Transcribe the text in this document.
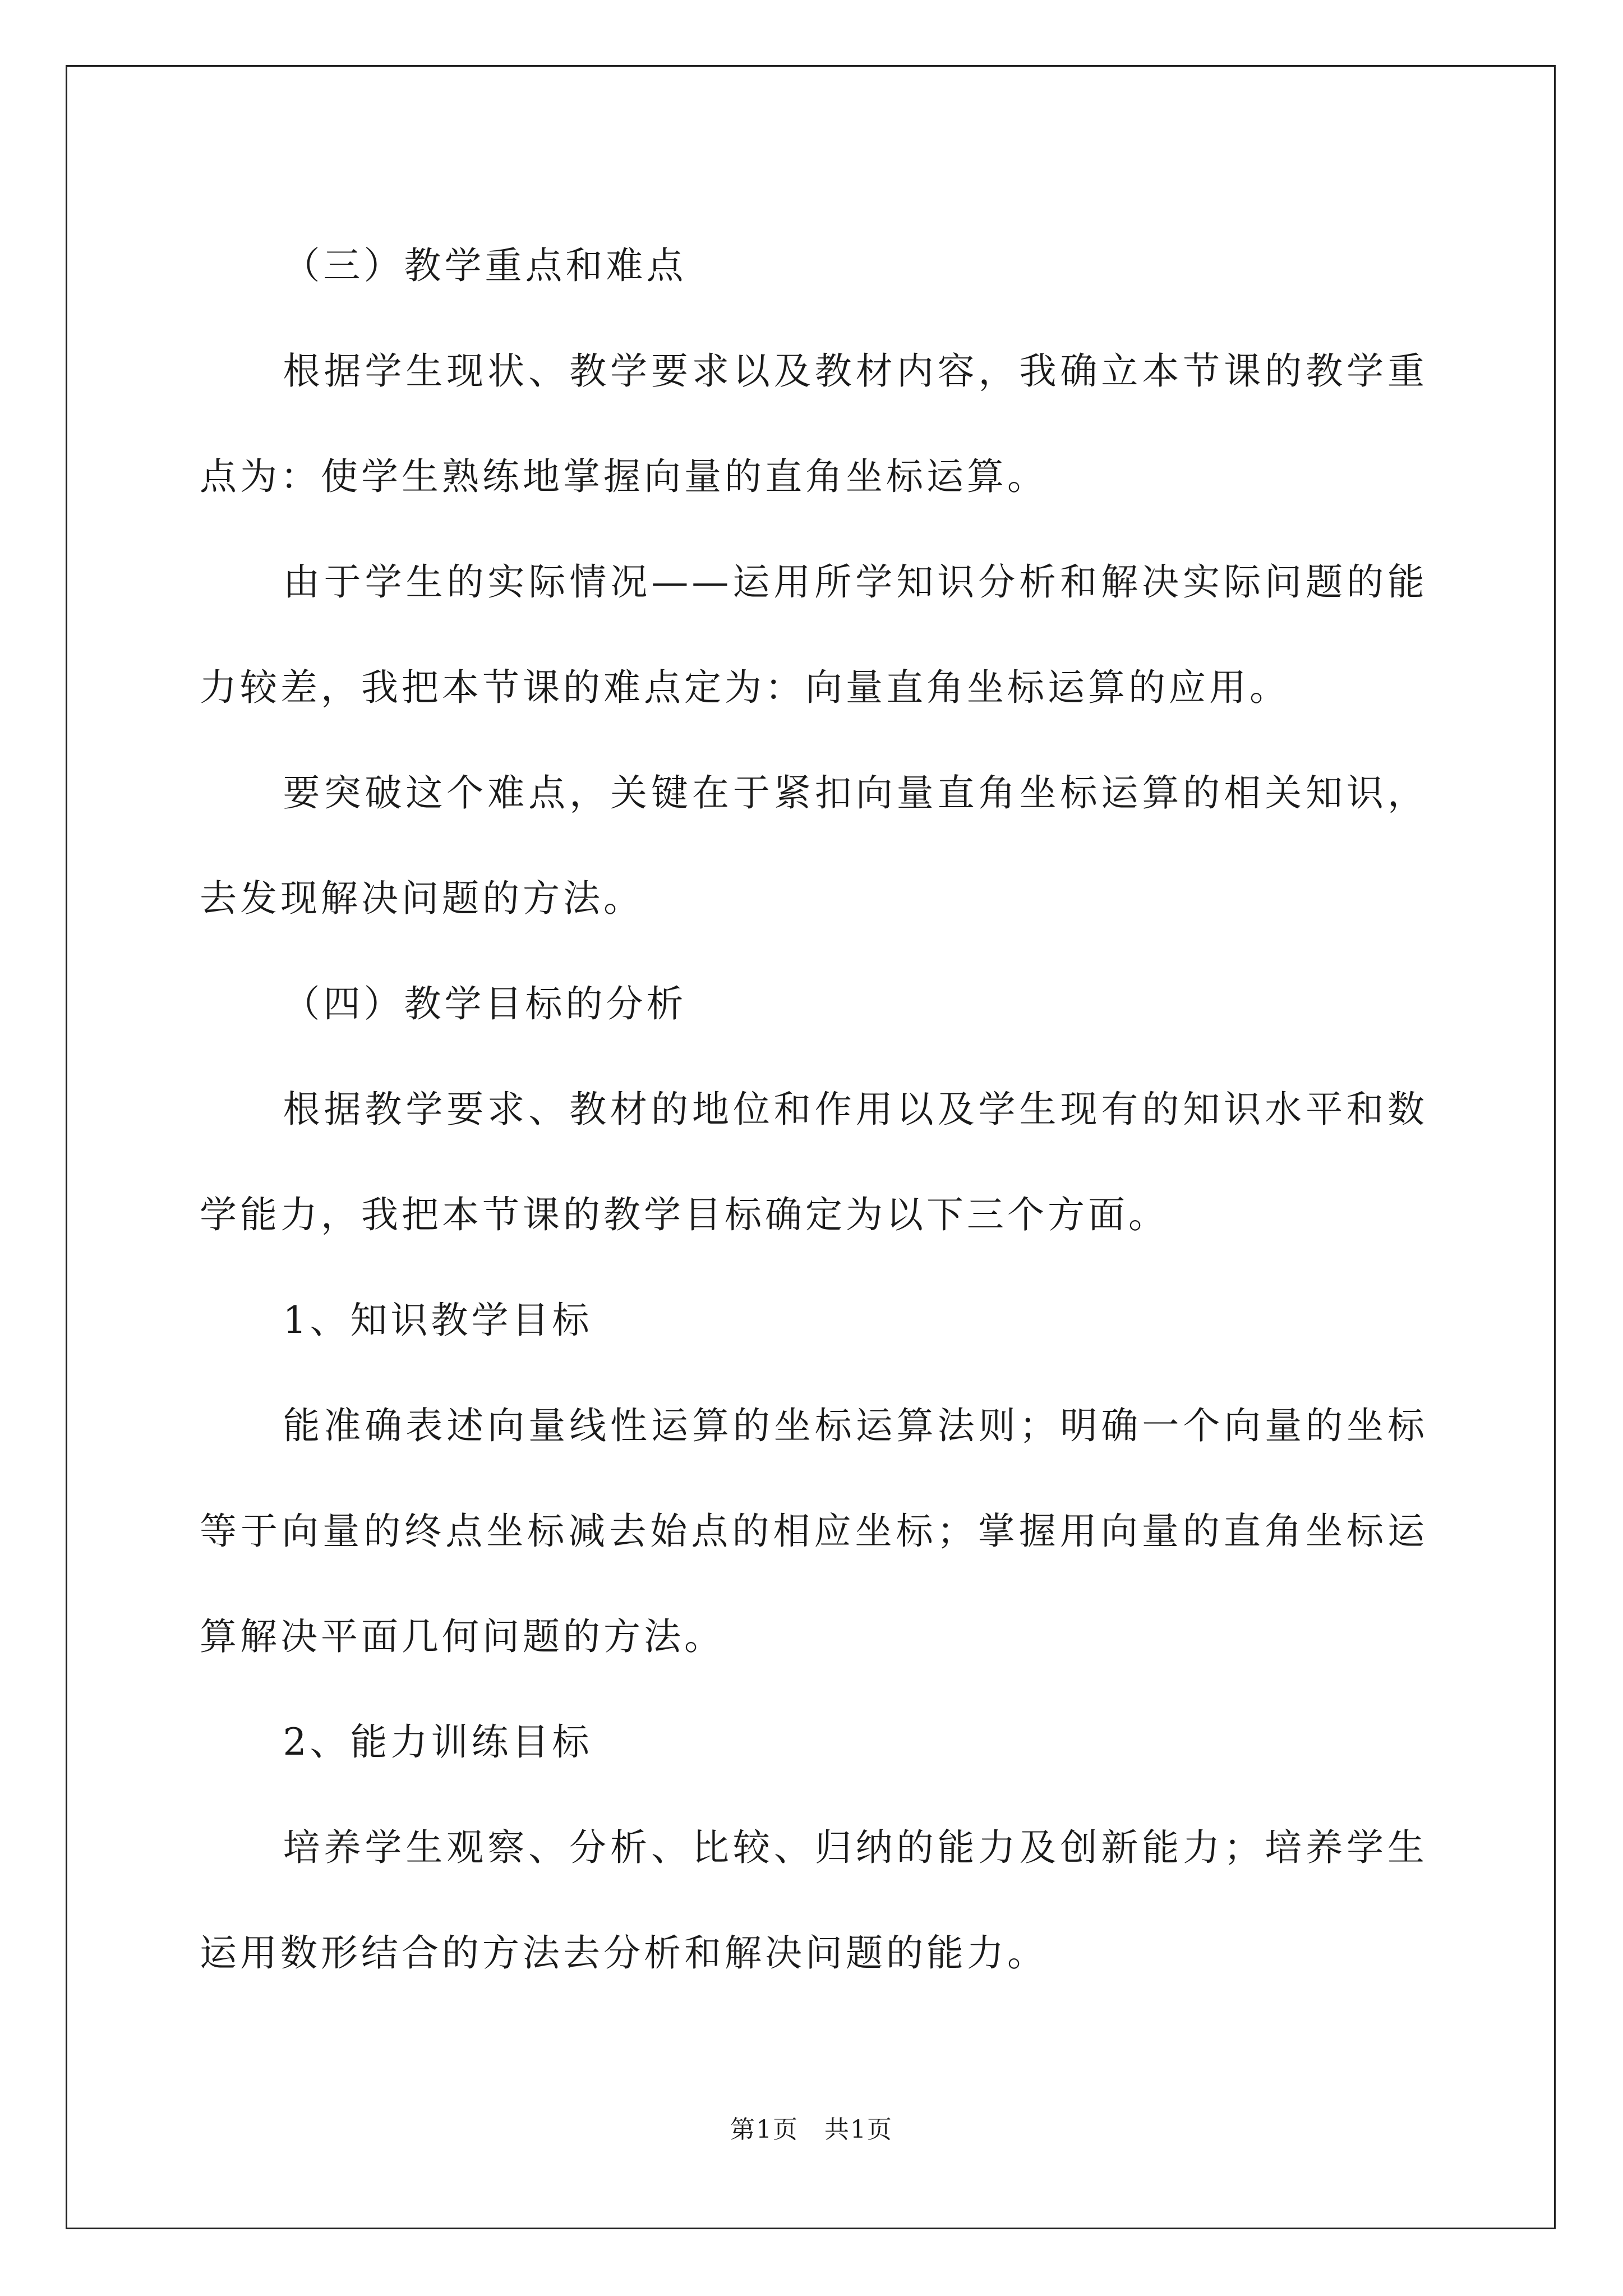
（三）教学重点和难点

根据学生现状、教学要求以及教材内容，我确立本节课的教学重点为：使学生熟练地掌握向量的直角坐标运算。

由于学生的实际情况——运用所学知识分析和解决实际问题的能力较差，我把本节课的难点定为：向量直角坐标运算的应用。

要突破这个难点，关键在于紧扣向量直角坐标运算的相关知识，去发现解决问题的方法。

（四）教学目标的分析

根据教学要求、教材的地位和作用以及学生现有的知识水平和数学能力，我把本节课的教学目标确定为以下三个方面。

1、知识教学目标

能准确表述向量线性运算的坐标运算法则；明确一个向量的坐标等于向量的终点坐标减去始点的相应坐标；掌握用向量的直角坐标运算解决平面几何问题的方法。

2、能力训练目标

培养学生观察、分析、比较、归纳的能力及创新能力；培养学生运用数形结合的方法去分析和解决问题的能力。

第1页　共1页
